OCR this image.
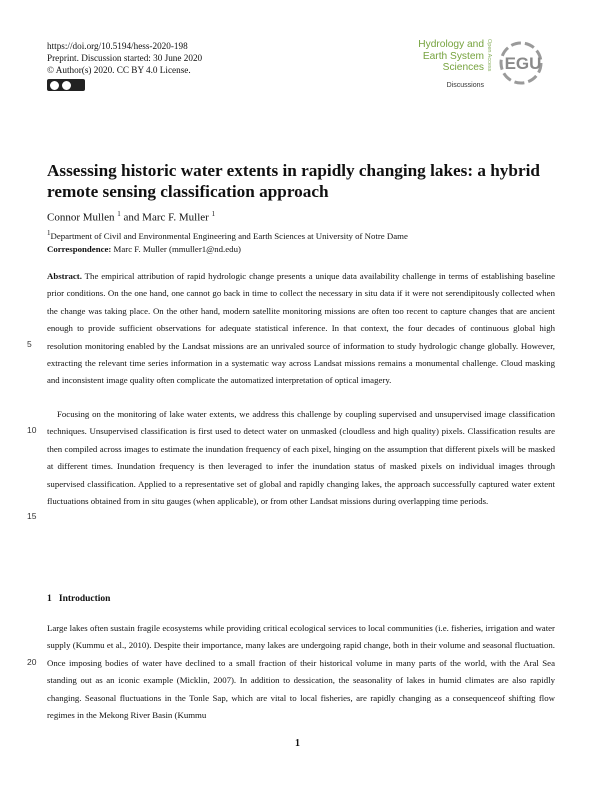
https://doi.org/10.5194/hess-2020-198
Preprint. Discussion started: 30 June 2020
© Author(s) 2020. CC BY 4.0 License.
Hydrology and
Earth System
Sciences
Discussions
Open Access EGU
Assessing historic water extents in rapidly changing lakes: a hybrid remote sensing classification approach
Connor Mullen $^1$ and Marc F. Muller $^1$
$^1$Department of Civil and Environmental Engineering and Earth Sciences at University of Notre Dame
Correspondence: Marc F. Muller (mmuller1@nd.edu)
Abstract. The empirical attribution of rapid hydrologic change presents a unique data availability challenge in terms of establishing baseline prior conditions. On the one hand, one cannot go back in time to collect the necessary in situ data if it were not serendipitously collected when the change was taking place. On the other hand, modern satellite monitoring missions are often too recent to capture changes that are ancient enough to provide sufficient observations for adequate statistical inference. In that context, the four decades of continuous global high resolution monitoring enabled by the Landsat missions are an unrivaled source of information to study hydrologic change globally. However, extracting the relevant time series information in a systematic way across Landsat missions remains a monumental challenge. Cloud masking and inconsistent image quality often complicate the automatized interpretation of optical imagery.
Focusing on the monitoring of lake water extents, we address this challenge by coupling supervised and unsupervised image classification techniques. Unsupervised classification is first used to detect water on unmasked (cloudless and high quality) pixels. Classification results are then compiled across images to estimate the inundation frequency of each pixel, hinging on the assumption that different pixels will be masked at different times. Inundation frequency is then leveraged to infer the inundation status of masked pixels on individual images through supervised classification. Applied to a representative set of global and rapidly changing lakes, the approach successfully captured water extent fluctuations obtained from in situ gauges (when applicable), or from other Landsat missions during overlapping time periods.
5
10
15
20
1   Introduction
Large lakes often sustain fragile ecosystems while providing critical ecological services to local communities (i.e. fisheries, irrigation and water supply (Kummu et al., 2010). Despite their importance, many lakes are undergoing rapid change, both in their volume and seasonal fluctuation. Once imposing bodies of water have declined to a small fraction of their historical volume in many parts of the world, with the Aral Sea standing out as an iconic example (Micklin, 2007). In addition to dessication, the seasonality of lakes in humid climates are also rapidly changing. Seasonal fluctuations in the Tonle Sap, which are vital to local fisheries, are rapidly changing as a consequenceof shifting flow regimes in the Mekong River Basin (Kummu
1
